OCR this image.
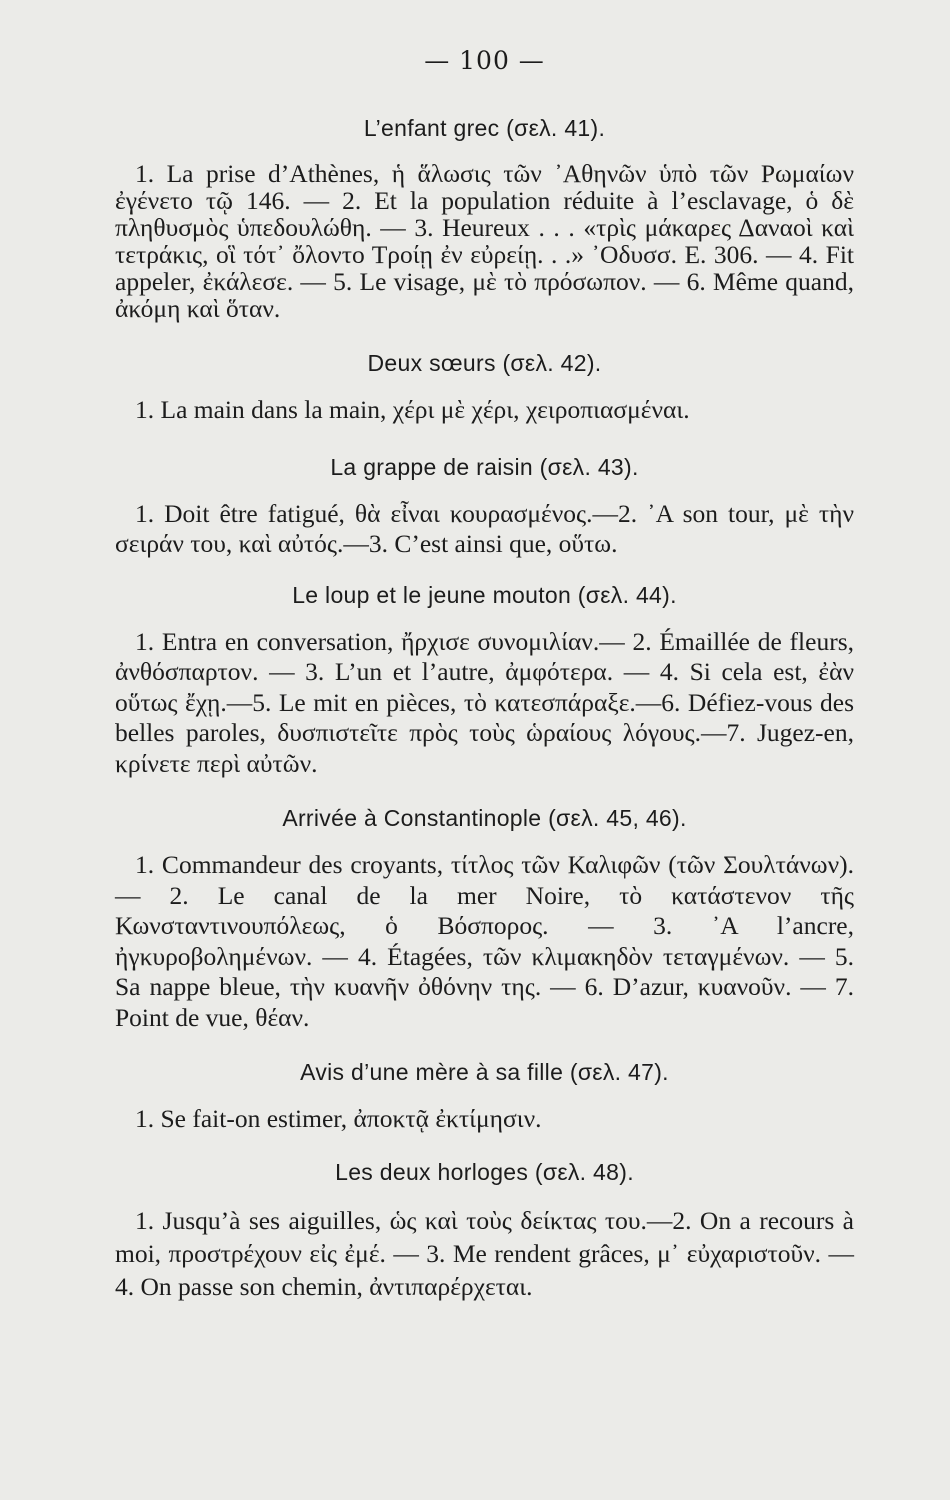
— 100 —
L’enfant grec (σελ. 41).

1. La prise d’Athènes, ἡ ἅλωσις τῶν ᾿Αθηνῶν ὑπὸ τῶν Ρωμαίων ἐγένετο τῷ 146. — 2. Et la population réduite à l’esclavage, ὁ δὲ πληθυσμὸς ὑπεδουλώθη. — 3. Heureux . . . «τρὶς μάκαρες Δαναοὶ καὶ τετράκις, οἳ τότ᾿ ὄλοντο Τροίῃ ἐν εὐρείῃ. . .» ᾿Οδυσσ. Ε. 306. — 4. Fit appeler, ἐκάλεσε. — 5. Le visage, μὲ τὸ πρόσωπον. — 6. Même quand, ἀκόμη καὶ ὅταν.

Deux sœurs (σελ. 42).

1. La main dans la main, χέρι μὲ χέρι, χειροπιασμέναι.

La grappe de raisin (σελ. 43).

1. Doit être fatigué, θὰ εἶναι κουρασμένος.—2. ᾿A son tour, μὲ τὴν σειράν του, καὶ αὐτός.—3. C’est ainsi que, οὕτω.

Le loup et le jeune mouton (σελ. 44).

1. Entra en conversation, ἤρχισε συνομιλίαν.— 2. Émaillée de fleurs, ἀνθόσπαρτον. — 3. L’un et l’autre, ἀμφότερα. — 4. Si cela est, ἐὰν οὕτως ἔχῃ.—5. Le mit en pièces, τὸ κατεσπάραξε.—6. Défiez-vous des belles paroles, δυσπιστεῖτε πρὸς τοὺς ὡραίους λόγους.—7. Jugez-en, κρίνετε περὶ αὐτῶν.

Arrivée à Constantinople (σελ. 45, 46).

1. Commandeur des croyants, τίτλος τῶν Καλιφῶν (τῶν Σουλτάνων). — 2. Le canal de la mer Noire, τὸ κατάστενον τῆς Κωνσταντινουπόλεως, ὁ Βόσπορος. — 3. ᾿A l’ancre, ἠγκυροβολημένων. — 4. Étagées, τῶν κλιμακηδὸν τεταγμένων. — 5. Sa nappe bleue, τὴν κυανῆν ὀθόνην της. — 6. D’azur, κυανοῦν. — 7. Point de vue, θέαν.

Avis d’une mère à sa fille (σελ. 47).

1. Se fait-on estimer, ἀποκτᾷ ἐκτίμησιν.

Les deux horloges (σελ. 48).

1. Jusqu’à ses aiguilles, ὡς καὶ τοὺς δείκτας του.—2. On a recours à moi, προστρέχουν εἰς ἐμέ. — 3. Me rendent grâces, μ᾿ εὐχαριστοῦν. — 4. On passe son chemin, ἀντιπαρέρχεται.
